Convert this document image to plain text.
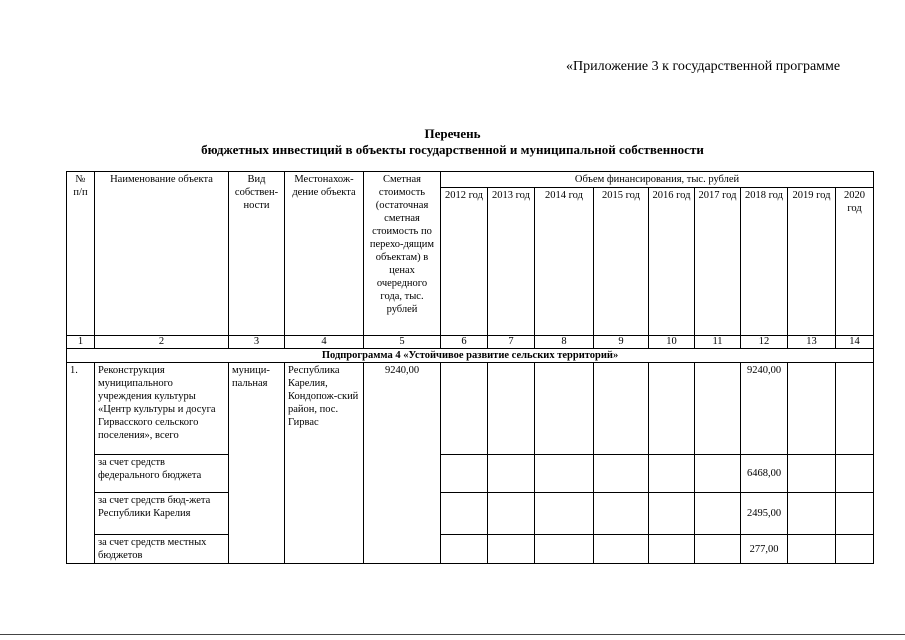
«Приложение 3 к государственной программе
Перечень
бюджетных инвестиций в объекты государственной и муниципальной собственности
№ п/п	Наименование объекта	Вид собствен-ности	Местонахож-дение объекта	Сметная стоимость (остаточная сметная стоимость по перехо-дящим объектам) в ценах очередного года, тыс. рублей	Объем финансирования, тыс. рублей								
					2012 год	2013 год	2014 год	2015 год	2016 год	2017 год	2018 год	2019 год	2020 год
1	2	3	4	5	6	7	8	9	10	11	12	13	14
Подпрограмма 4 «Устойчивое развитие сельских территорий»													
1.	Реконструкция муниципального учреждения культуры «Центр культуры и досуга Гирвасского сельского поселения», всего	муници-пальная	Республика Карелия, Кондопож-ский район, пос. Гирвас	9240,00							9240,00		
	за счет средств федерального бюджета										6468,00		
	за счет средств бюд-жета Республики Карелия										2495,00		
	за счет средств местных бюджетов										277,00		
